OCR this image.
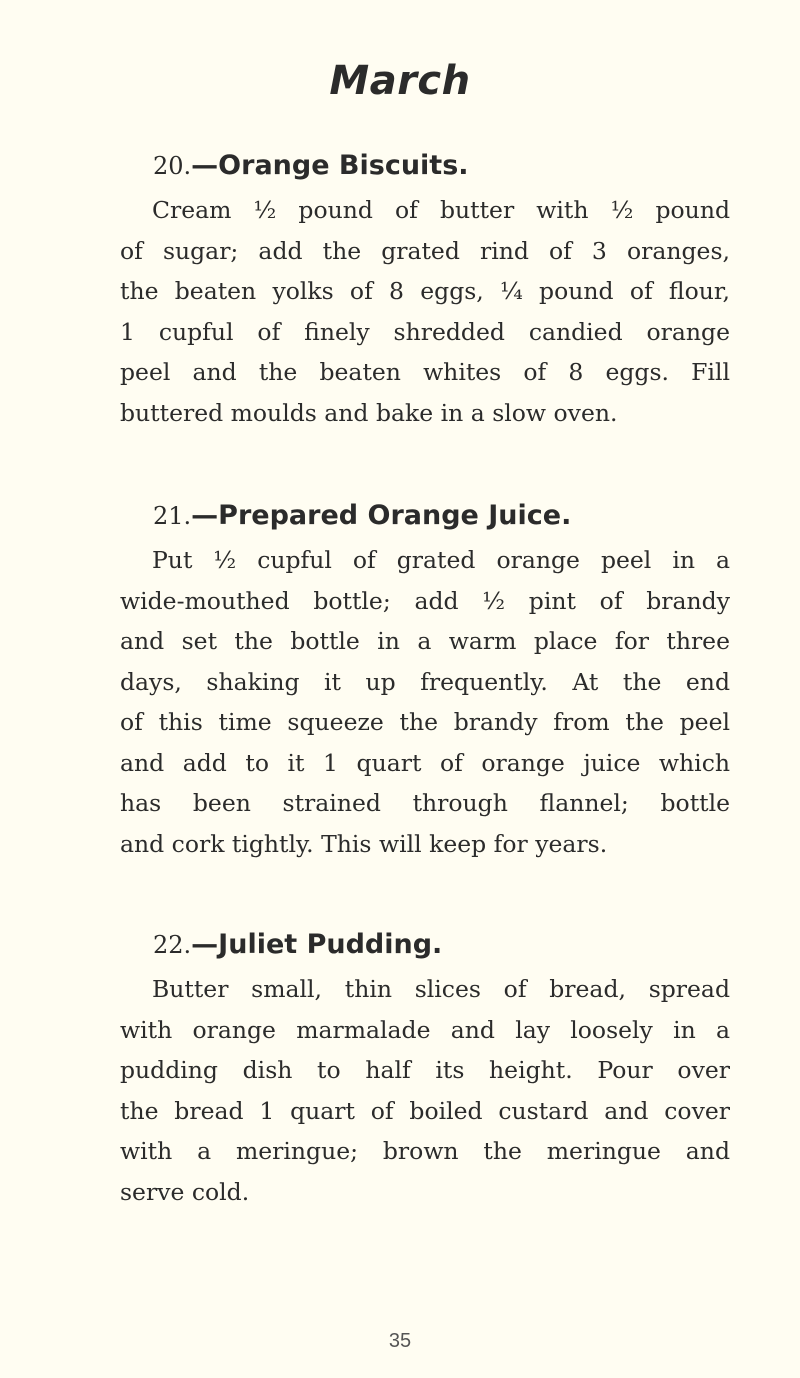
March
20.—Orange Biscuits.

Cream ½ pound of butter with ½ pound
of sugar; add the grated rind of 3 oranges,
the beaten yolks of 8 eggs, ¼ pound of flour,
1 cupful of finely shredded candied orange
peel and the beaten whites of 8 eggs. Fill
buttered moulds and bake in a slow oven.

21.—Prepared Orange Juice.

Put ½ cupful of grated orange peel in a
wide-mouthed bottle; add ½ pint of brandy
and set the bottle in a warm place for three
days, shaking it up frequently. At the end
of this time squeeze the brandy from the peel
and add to it 1 quart of orange juice which
has been strained through flannel; bottle
and cork tightly. This will keep for years.

22.—Juliet Pudding.

Butter small, thin slices of bread, spread
with orange marmalade and lay loosely in a
pudding dish to half its height. Pour over
the bread 1 quart of boiled custard and cover
with a meringue; brown the meringue and
serve cold.

35
